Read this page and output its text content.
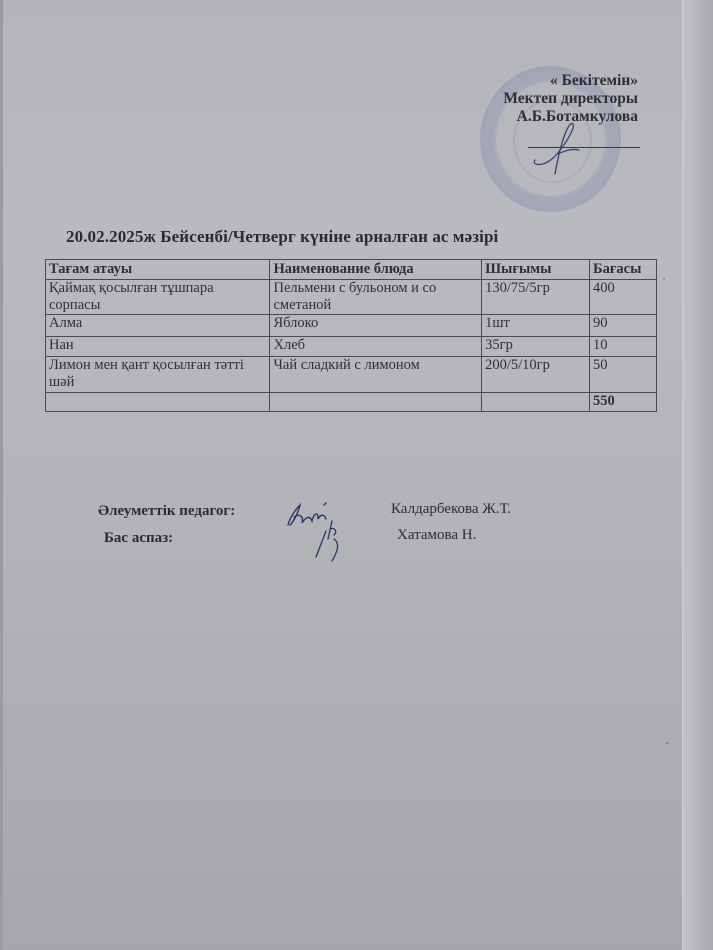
« Бекітемін»
Мектеп директоры
А.Б.Ботамкулова
20.02.2025ж Бейсенбі/Четверг күніне арналған ас мәзірі
Тағам атауы	Наименование блюда	Шығымы	Бағасы
Қаймақ қосылған тұшпара сорпасы	Пельмени с бульоном и со сметаной	130/75/5гр	400
Алма	Яблоко	1шт	90
Нан	Хлеб	35гр	10
Лимон мен қант қосылған тәтті шәй	Чай сладкий с лимоном	200/5/10гр	50
			550
Әлеуметтік педагог:	Калдарбекова Ж.Т.
Бас аспаз:	Хатамова Н.
